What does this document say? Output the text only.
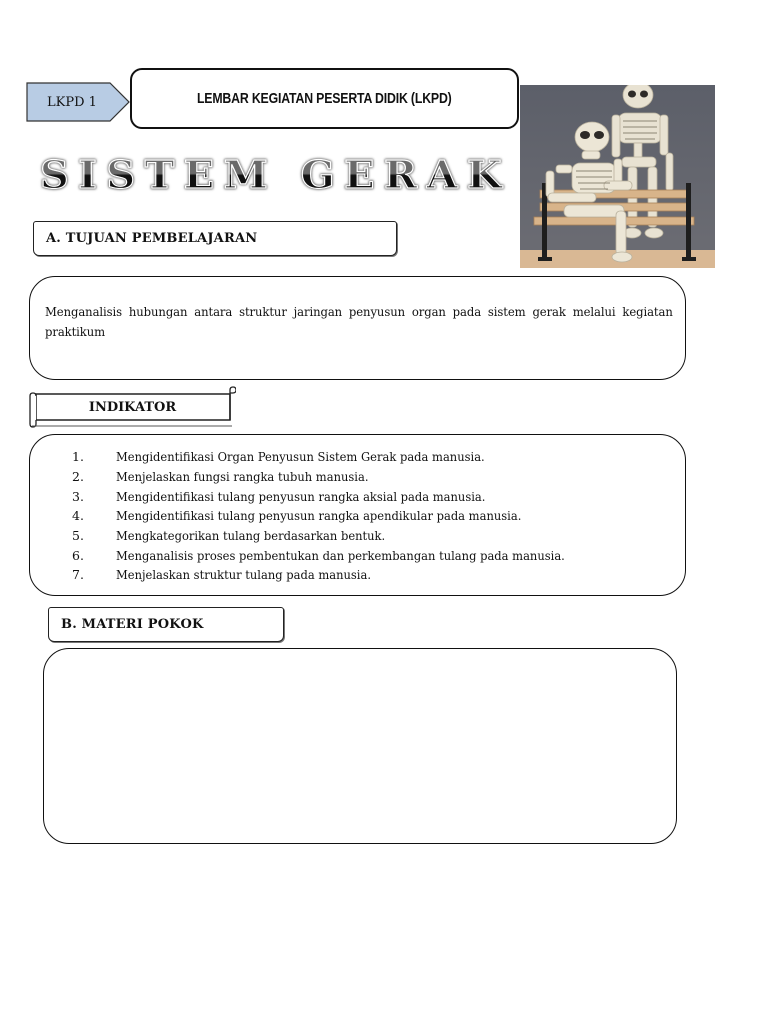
LKPD 1	LEMBAR KEGIATAN PESERTA DIDIK (LKPD)
SISTEM GERAK
A. TUJUAN PEMBELAJARAN
Menganalisis hubungan antara struktur jaringan penyusun organ pada sistem gerak melalui kegiatan praktikum
INDIKATOR
1.	Mengidentifikasi Organ Penyusun Sistem Gerak pada manusia.
2.	Menjelaskan fungsi rangka tubuh manusia.
3.	Mengidentifikasi tulang penyusun rangka aksial pada manusia.
4.	Mengidentifikasi tulang penyusun rangka apendikular pada manusia.
5.	Mengkategorikan tulang berdasarkan bentuk.
6.	Menganalisis proses pembentukan dan perkembangan tulang pada manusia.
7.	Menjelaskan struktur tulang pada manusia.
B. MATERI POKOK
